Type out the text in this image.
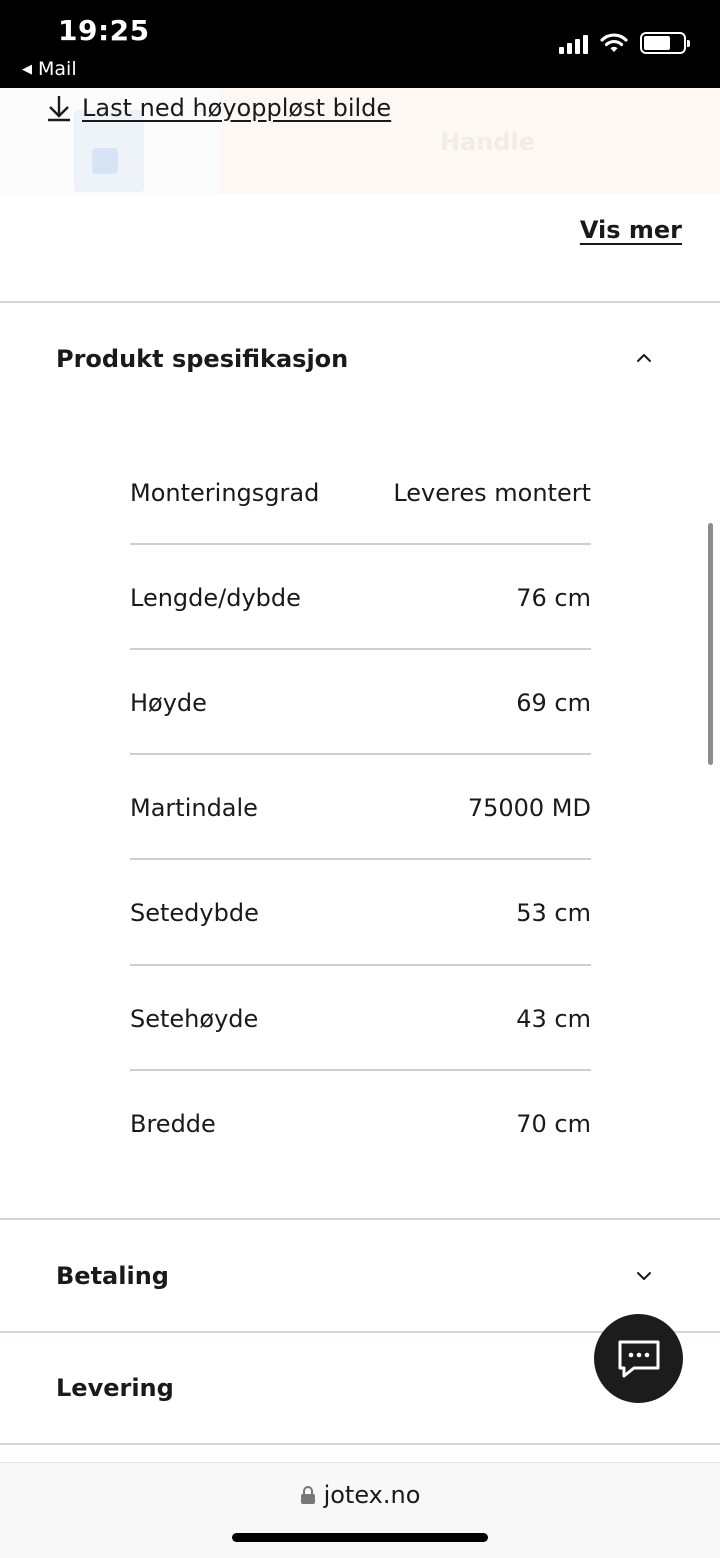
19:25
◀ Mail
Handle
Last ned høyoppløst bilde
Vis mer
Produkt spesifikasjon
Monteringsgrad	Leveres montert
Lengde/dybde	76 cm
Høyde	69 cm
Martindale	75000 MD
Setedybde	53 cm
Setehøyde	43 cm
Bredde	70 cm
Betaling
Levering
jotex.no
